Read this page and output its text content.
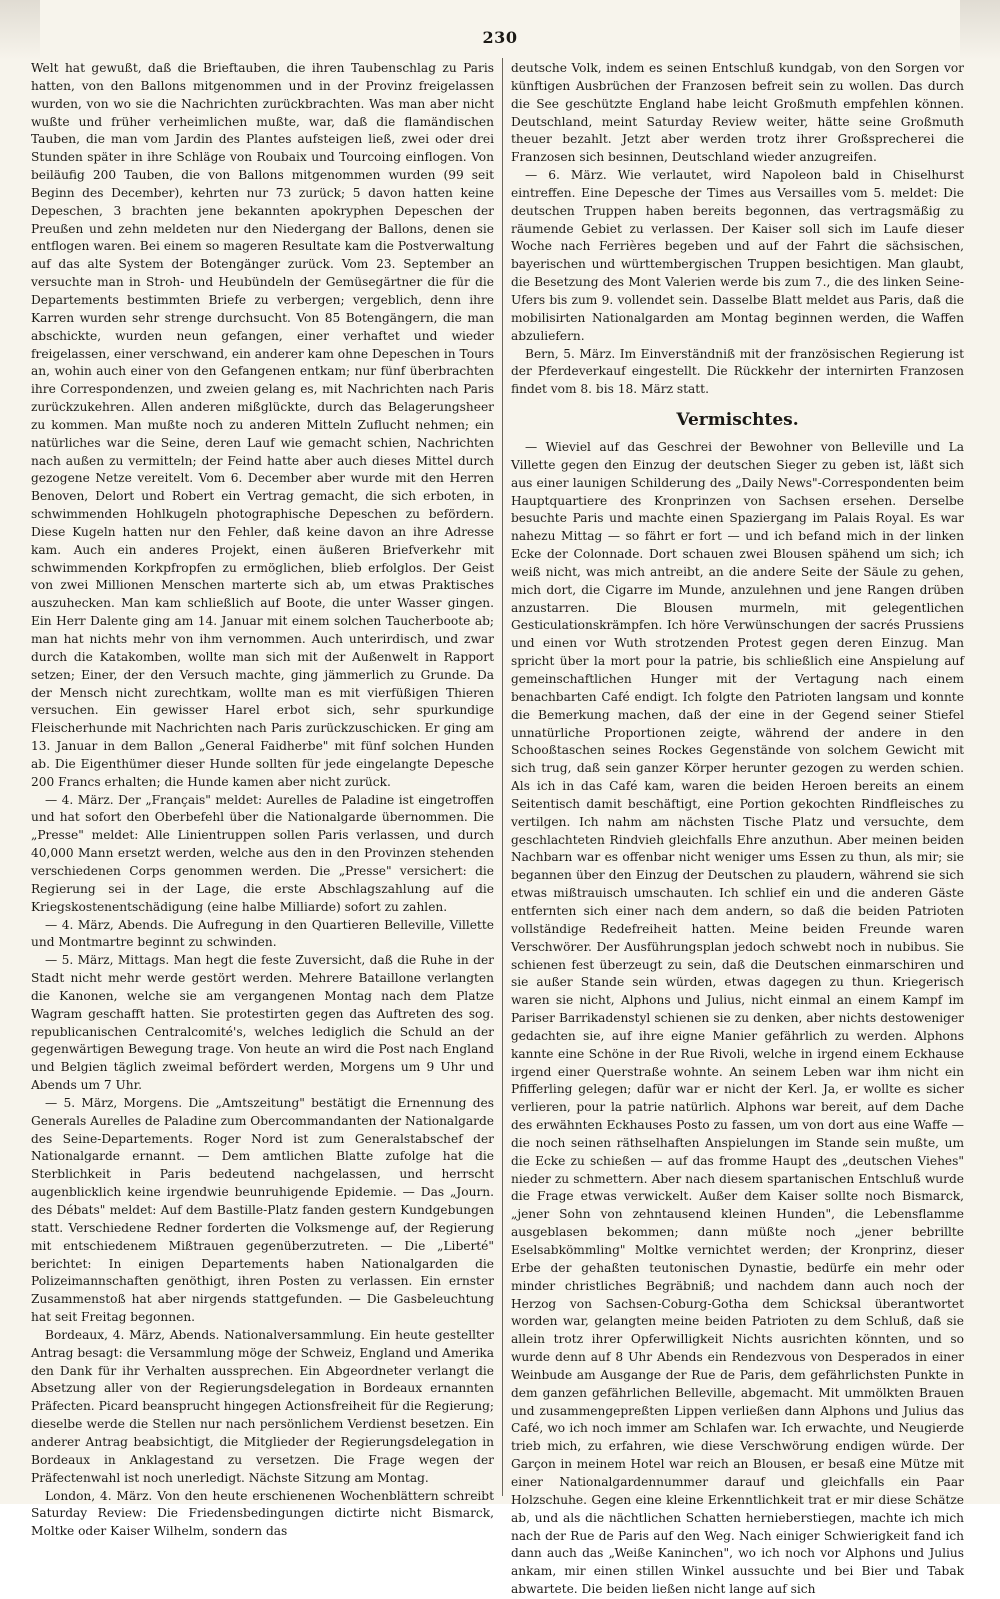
230

Welt hat gewußt, daß die Brieftauben, die ihren Taubenschlag zu Paris hatten, von den Ballons mitgenommen und in der Provinz freigelassen wurden, von wo sie die Nachrichten zurückbrachten. Was man aber nicht wußte und früher verheimlichen mußte, war, daß die flamändischen Tauben, die man vom Jardin des Plantes aufsteigen ließ, zwei oder drei Stunden später in ihre Schläge von Roubaix und Tourcoing einflogen. Von beiläufig 200 Tauben, die von Ballons mitgenommen wurden (99 seit Beginn des December), kehrten nur 73 zurück; 5 davon hatten keine Depeschen, 3 brachten jene bekannten apokryphen Depeschen der Preußen und zehn meldeten nur den Niedergang der Ballons, denen sie entflogen waren. Bei einem so mageren Resultate kam die Postverwaltung auf das alte System der Botengänger zurück. Vom 23. September an versuchte man in Stroh- und Heubündeln der Gemüsegärtner die für die Departements bestimmten Briefe zu verbergen; vergeblich, denn ihre Karren wurden sehr strenge durchsucht. Von 85 Botengängern, die man abschickte, wurden neun gefangen, einer verhaftet und wieder freigelassen, einer verschwand, ein anderer kam ohne Depeschen in Tours an, wohin auch einer von den Gefangenen entkam; nur fünf überbrachten ihre Correspondenzen, und zweien gelang es, mit Nachrichten nach Paris zurückzukehren. Allen anderen mißglückte, durch das Belagerungsheer zu kommen. Man mußte noch zu anderen Mitteln Zuflucht nehmen; ein natürliches war die Seine, deren Lauf wie gemacht schien, Nachrichten nach außen zu vermitteln; der Feind hatte aber auch dieses Mittel durch gezogene Netze vereitelt. Vom 6. December aber wurde mit den Herren Benoven, Delort und Robert ein Vertrag gemacht, die sich erboten, in schwimmenden Hohlkugeln photographische Depeschen zu befördern. Diese Kugeln hatten nur den Fehler, daß keine davon an ihre Adresse kam. Auch ein anderes Projekt, einen äußeren Briefverkehr mit schwimmenden Korkpfropfen zu ermöglichen, blieb erfolglos. Der Geist von zwei Millionen Menschen marterte sich ab, um etwas Praktisches auszuhecken. Man kam schließlich auf Boote, die unter Wasser gingen. Ein Herr Dalente ging am 14. Januar mit einem solchen Taucherboote ab; man hat nichts mehr von ihm vernommen. Auch unterirdisch, und zwar durch die Katakomben, wollte man sich mit der Außenwelt in Rapport setzen; Einer, der den Versuch machte, ging jämmerlich zu Grunde. Da der Mensch nicht zurechtkam, wollte man es mit vierfüßigen Thieren versuchen. Ein gewisser Harel erbot sich, sehr spurkundige Fleischerhunde mit Nachrichten nach Paris zurückzuschicken. Er ging am 13. Januar in dem Ballon „General Faidherbe" mit fünf solchen Hunden ab. Die Eigenthümer dieser Hunde sollten für jede eingelangte Depesche 200 Francs erhalten; die Hunde kamen aber nicht zurück.

— 4. März. Der „Français" meldet: Aurelles de Paladine ist eingetroffen und hat sofort den Oberbefehl über die Nationalgarde übernommen. Die „Presse" meldet: Alle Linientruppen sollen Paris verlassen, und durch 40,000 Mann ersetzt werden, welche aus den in den Provinzen stehenden verschiedenen Corps genommen werden. Die „Presse" versichert: die Regierung sei in der Lage, die erste Abschlagszahlung auf die Kriegskostenentschädigung (eine halbe Milliarde) sofort zu zahlen.

— 4. März, Abends. Die Aufregung in den Quartieren Belleville, Villette und Montmartre beginnt zu schwinden.

— 5. März, Mittags. Man hegt die feste Zuversicht, daß die Ruhe in der Stadt nicht mehr werde gestört werden. Mehrere Bataillone verlangten die Kanonen, welche sie am vergangenen Montag nach dem Platze Wagram geschafft hatten. Sie protestirten gegen das Auftreten des sog. republicanischen Centralcomité's, welches lediglich die Schuld an der gegenwärtigen Bewegung trage. Von heute an wird die Post nach England und Belgien täglich zweimal befördert werden, Morgens um 9 Uhr und Abends um 7 Uhr.

— 5. März, Morgens. Die „Amtszeitung" bestätigt die Ernennung des Generals Aurelles de Paladine zum Obercommandanten der Nationalgarde des Seine-Departements. Roger Nord ist zum Generalstabschef der Nationalgarde ernannt. — Dem amtlichen Blatte zufolge hat die Sterblichkeit in Paris bedeutend nachgelassen, und herrscht augenblicklich keine irgendwie beunruhigende Epidemie. — Das „Journ. des Débats" meldet: Auf dem Bastille-Platz fanden gestern Kundgebungen statt. Verschiedene Redner forderten die Volksmenge auf, der Regierung mit entschiedenem Mißtrauen gegenüberzutreten. — Die „Liberté" berichtet: In einigen Departements haben Nationalgarden die Polizeimannschaften genöthigt, ihren Posten zu verlassen. Ein ernster Zusammenstoß hat aber nirgends stattgefunden. — Die Gasbeleuchtung hat seit Freitag begonnen.

Bordeaux, 4. März, Abends. Nationalversammlung. Ein heute gestellter Antrag besagt: die Versammlung möge der Schweiz, England und Amerika den Dank für ihr Verhalten aussprechen. Ein Abgeordneter verlangt die Absetzung aller von der Regierungsdelegation in Bordeaux ernannten Präfecten. Picard beansprucht hingegen Actionsfreiheit für die Regierung; dieselbe werde die Stellen nur nach persönlichem Verdienst besetzen. Ein anderer Antrag beabsichtigt, die Mitglieder der Regierungsdelegation in Bordeaux in Anklagestand zu versetzen. Die Frage wegen der Präfectenwahl ist noch unerledigt. Nächste Sitzung am Montag.

London, 4. März. Von den heute erschienenen Wochenblättern schreibt Saturday Review: Die Friedensbedingungen dictirte nicht Bismarck, Moltke oder Kaiser Wilhelm, sondern das

deutsche Volk, indem es seinen Entschluß kundgab, von den Sorgen vor künftigen Ausbrüchen der Franzosen befreit sein zu wollen. Das durch die See geschützte England habe leicht Großmuth empfehlen können. Deutschland, meint Saturday Review weiter, hätte seine Großmuth theuer bezahlt. Jetzt aber werden trotz ihrer Großsprecherei die Franzosen sich besinnen, Deutschland wieder anzugreifen.

— 6. März. Wie verlautet, wird Napoleon bald in Chiselhurst eintreffen. Eine Depesche der Times aus Versailles vom 5. meldet: Die deutschen Truppen haben bereits begonnen, das vertragsmäßig zu räumende Gebiet zu verlassen. Der Kaiser soll sich im Laufe dieser Woche nach Ferrières begeben und auf der Fahrt die sächsischen, bayerischen und württembergischen Truppen besichtigen. Man glaubt, die Besetzung des Mont Valerien werde bis zum 7., die des linken Seine-Ufers bis zum 9. vollendet sein. Dasselbe Blatt meldet aus Paris, daß die mobilisirten Nationalgarden am Montag beginnen werden, die Waffen abzuliefern.

Bern, 5. März. Im Einverständniß mit der französischen Regierung ist der Pferdeverkauf eingestellt. Die Rückkehr der internirten Franzosen findet vom 8. bis 18. März statt.

Vermischtes.

— Wieviel auf das Geschrei der Bewohner von Belleville und La Villette gegen den Einzug der deutschen Sieger zu geben ist, läßt sich aus einer launigen Schilderung des „Daily News"-Correspondenten beim Hauptquartiere des Kronprinzen von Sachsen ersehen. Derselbe besuchte Paris und machte einen Spaziergang im Palais Royal. Es war nahezu Mittag — so fährt er fort — und ich befand mich in der linken Ecke der Colonnade. Dort schauen zwei Blousen spähend um sich; ich weiß nicht, was mich antreibt, an die andere Seite der Säule zu gehen, mich dort, die Cigarre im Munde, anzulehnen und jene Rangen drüben anzustarren. Die Blousen murmeln, mit gelegentlichen Gesticulationskrämpfen. Ich höre Verwünschungen der sacrés Prussiens und einen vor Wuth strotzenden Protest gegen deren Einzug. Man spricht über la mort pour la patrie, bis schließlich eine Anspielung auf gemeinschaftlichen Hunger mit der Vertagung nach einem benachbarten Café endigt. Ich folgte den Patrioten langsam und konnte die Bemerkung machen, daß der eine in der Gegend seiner Stiefel unnatürliche Proportionen zeigte, während der andere in den Schooßtaschen seines Rockes Gegenstände von solchem Gewicht mit sich trug, daß sein ganzer Körper herunter gezogen zu werden schien. Als ich in das Café kam, waren die beiden Heroen bereits an einem Seitentisch damit beschäftigt, eine Portion gekochten Rindfleisches zu vertilgen. Ich nahm am nächsten Tische Platz und versuchte, dem geschlachteten Rindvieh gleichfalls Ehre anzuthun. Aber meinen beiden Nachbarn war es offenbar nicht weniger ums Essen zu thun, als mir; sie begannen über den Einzug der Deutschen zu plaudern, während sie sich etwas mißtrauisch umschauten. Ich schlief ein und die anderen Gäste entfernten sich einer nach dem andern, so daß die beiden Patrioten vollständige Redefreiheit hatten. Meine beiden Freunde waren Verschwörer. Der Ausführungsplan jedoch schwebt noch in nubibus. Sie schienen fest überzeugt zu sein, daß die Deutschen einmarschiren und sie außer Stande sein würden, etwas dagegen zu thun. Kriegerisch waren sie nicht, Alphons und Julius, nicht einmal an einem Kampf im Pariser Barrikadenstyl schienen sie zu denken, aber nichts destoweniger gedachten sie, auf ihre eigne Manier gefährlich zu werden. Alphons kannte eine Schöne in der Rue Rivoli, welche in irgend einem Eckhause irgend einer Querstraße wohnte. An seinem Leben war ihm nicht ein Pfifferling gelegen; dafür war er nicht der Kerl. Ja, er wollte es sicher verlieren, pour la patrie natürlich. Alphons war bereit, auf dem Dache des erwähnten Eckhauses Posto zu fassen, um von dort aus eine Waffe — die noch seinen räthselhaften Anspielungen im Stande sein mußte, um die Ecke zu schießen — auf das fromme Haupt des „deutschen Viehes" nieder zu schmettern. Aber nach diesem spartanischen Entschluß wurde die Frage etwas verwickelt. Außer dem Kaiser sollte noch Bismarck, „jener Sohn von zehntausend kleinen Hunden", die Lebensflamme ausgeblasen bekommen; dann müßte noch „jener bebrillte Eselsabkömmling" Moltke vernichtet werden; der Kronprinz, dieser Erbe der gehaßten teutonischen Dynastie, bedürfe ein mehr oder minder christliches Begräbniß; und nachdem dann auch noch der Herzog von Sachsen-Coburg-Gotha dem Schicksal überantwortet worden war, gelangten meine beiden Patrioten zu dem Schluß, daß sie allein trotz ihrer Opferwilligkeit Nichts ausrichten könnten, und so wurde denn auf 8 Uhr Abends ein Rendezvous von Desperados in einer Weinbude am Ausgange der Rue de Paris, dem gefährlichsten Punkte in dem ganzen gefährlichen Belleville, abgemacht. Mit ummölkten Brauen und zusammengepreßten Lippen verließen dann Alphons und Julius das Café, wo ich noch immer am Schlafen war. Ich erwachte, und Neugierde trieb mich, zu erfahren, wie diese Verschwörung endigen würde. Der Garçon in meinem Hotel war reich an Blousen, er besaß eine Mütze mit einer Nationalgardennummer darauf und gleichfalls ein Paar Holzschuhe. Gegen eine kleine Erkenntlichkeit trat er mir diese Schätze ab, und als die nächtlichen Schatten hernieberstiegen, machte ich mich nach der Rue de Paris auf den Weg. Nach einiger Schwierigkeit fand ich dann auch das „Weiße Kaninchen", wo ich noch vor Alphons und Julius ankam, mir einen stillen Winkel aussuchte und bei Bier und Tabak abwartete. Die beiden ließen nicht lange auf sich
